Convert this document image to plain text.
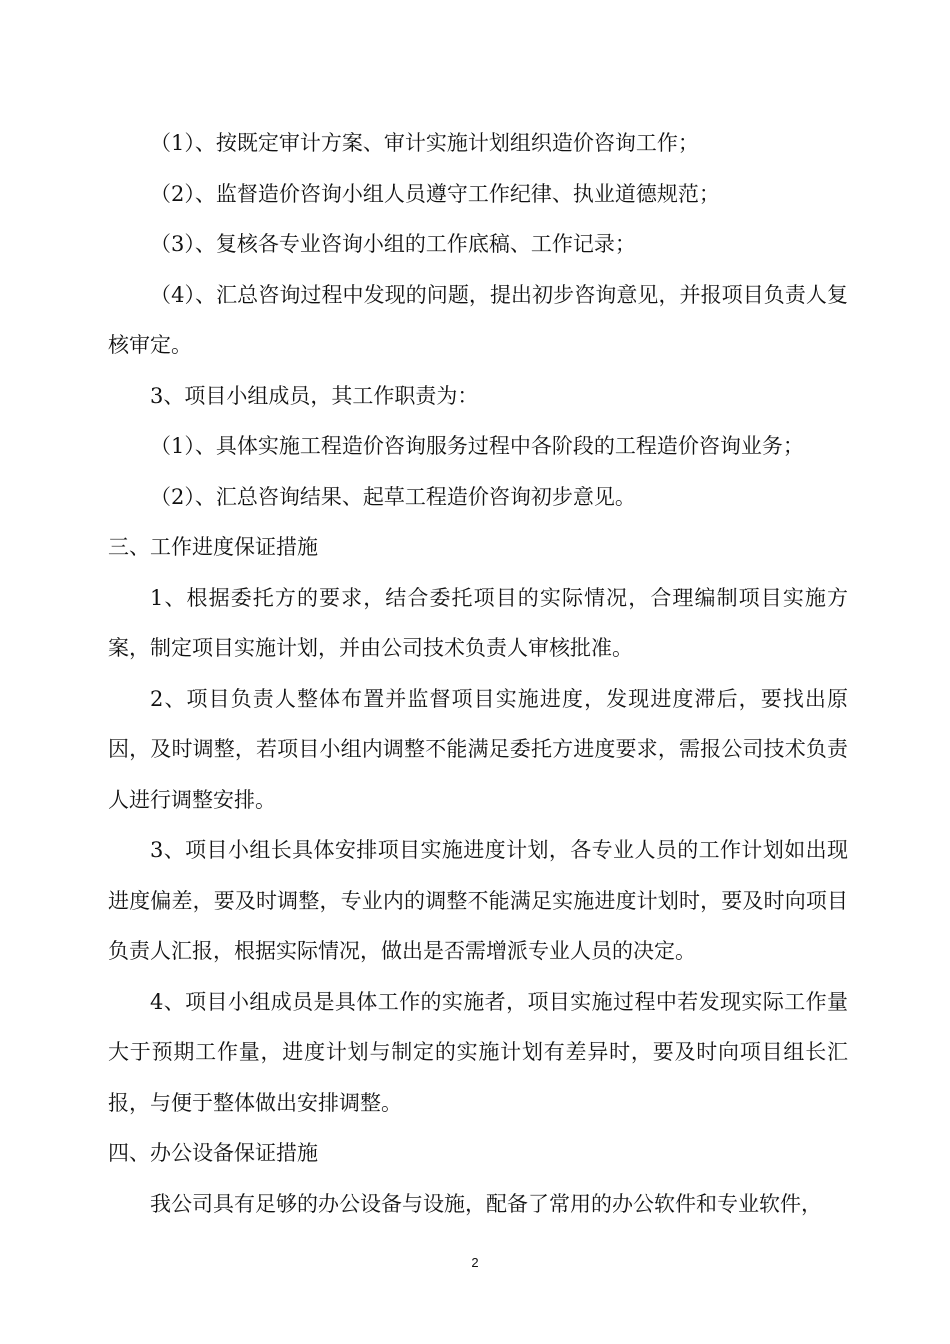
（1）、按既定审计方案、审计实施计划组织造价咨询工作；

（2）、监督造价咨询小组人员遵守工作纪律、执业道德规范；

（3）、复核各专业咨询小组的工作底稿、工作记录；

（4）、汇总咨询过程中发现的问题，提出初步咨询意见，并报项目负责人复核审定。

3、项目小组成员，其工作职责为：

（1）、具体实施工程造价咨询服务过程中各阶段的工程造价咨询业务；

（2）、汇总咨询结果、起草工程造价咨询初步意见。

三、工作进度保证措施

1、根据委托方的要求，结合委托项目的实际情况，合理编制项目实施方案，制定项目实施计划，并由公司技术负责人审核批准。

2、项目负责人整体布置并监督项目实施进度，发现进度滞后，要找出原因，及时调整，若项目小组内调整不能满足委托方进度要求，需报公司技术负责人进行调整安排。

3、项目小组长具体安排项目实施进度计划，各专业人员的工作计划如出现进度偏差，要及时调整，专业内的调整不能满足实施进度计划时，要及时向项目负责人汇报，根据实际情况，做出是否需增派专业人员的决定。

4、项目小组成员是具体工作的实施者，项目实施过程中若发现实际工作量大于预期工作量，进度计划与制定的实施计划有差异时，要及时向项目组长汇报，与便于整体做出安排调整。

四、办公设备保证措施

我公司具有足够的办公设备与设施，配备了常用的办公软件和专业软件，

2
